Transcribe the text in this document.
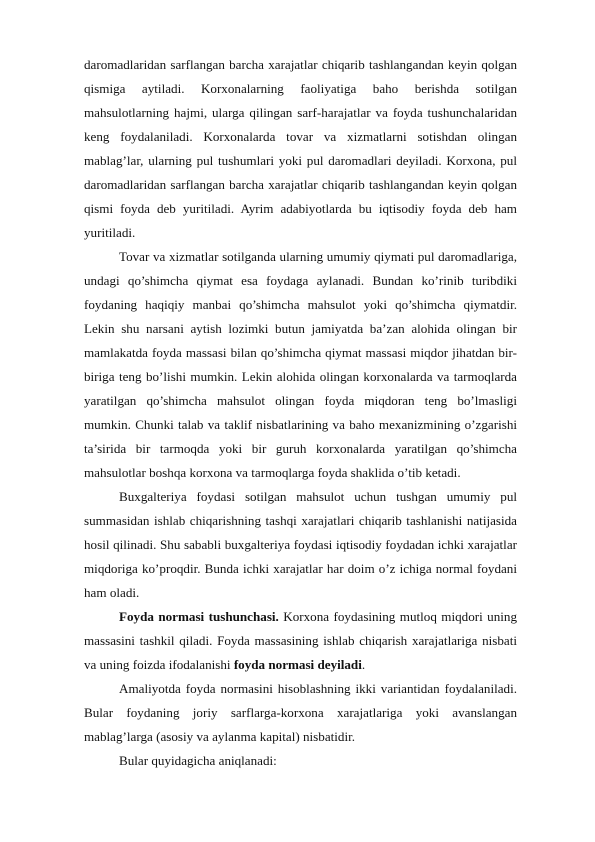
daromadlaridan sarflangan barcha xarajatlar chiqarib tashlangandan keyin qolgan qismiga aytiladi. Korxonalarning faoliyatiga baho berishda sotilgan mahsulotlarning hajmi, ularga qilingan sarf-harajatlar va foyda tushunchalaridan keng foydalaniladi. Korxonalarda tovar va xizmatlarni sotishdan olingan mablag’lar, ularning pul tushumlari yoki pul daromadlari deyiladi. Korxona, pul daromadlaridan sarflangan barcha xarajatlar chiqarib tashlangandan keyin qolgan qismi foyda deb yuritiladi. Ayrim adabiyotlarda bu iqtisodiy foyda deb ham yuritiladi.

Tovar va xizmatlar sotilganda ularning umumiy qiymati pul daromadlariga, undagi qo’shimcha qiymat esa foydaga aylanadi. Bundan ko’rinib turibdiki foydaning haqiqiy manbai qo’shimcha mahsulot yoki qo’shimcha qiymatdir. Lekin shu narsani aytish lozimki butun jamiyatda ba’zan alohida olingan bir mamlakatda foyda massasi bilan qo’shimcha qiymat massasi miqdor jihatdan bir-biriga teng bo’lishi mumkin. Lekin alohida olingan korxonalarda va tarmoqlarda yaratilgan qo’shimcha mahsulot olingan foyda miqdoran teng bo’lmasligi mumkin. Chunki talab va taklif nisbatlarining va baho mexanizmining o’zgarishi ta’sirida bir tarmoqda yoki bir guruh korxonalarda yaratilgan qo’shimcha mahsulotlar boshqa korxona va tarmoqlarga foyda shaklida o’tib ketadi.

Buxgalteriya foydasi sotilgan mahsulot uchun tushgan umumiy pul summasidan ishlab chiqarishning tashqi xarajatlari chiqarib tashlanishi natijasida hosil qilinadi. Shu sababli buxgalteriya foydasi iqtisodiy foydadan ichki xarajatlar miqdoriga ko’proqdir. Bunda ichki xarajatlar har doim o’z ichiga normal foydani ham oladi.

Foyda normasi tushunchasi. Korxona foydasining mutloq miqdori uning massasini tashkil qiladi. Foyda massasining ishlab chiqarish xarajatlariga nisbati va uning foizda ifodalanishi foyda normasi deyiladi.

Amaliyotda foyda normasini hisoblashning ikki variantidan foydalaniladi. Bular foydaning joriy sarflarga-korxona xarajatlariga yoki avanslangan mablag’larga (asosiy va aylanma kapital) nisbatidir.

Bular quyidagicha aniqlanadi:
